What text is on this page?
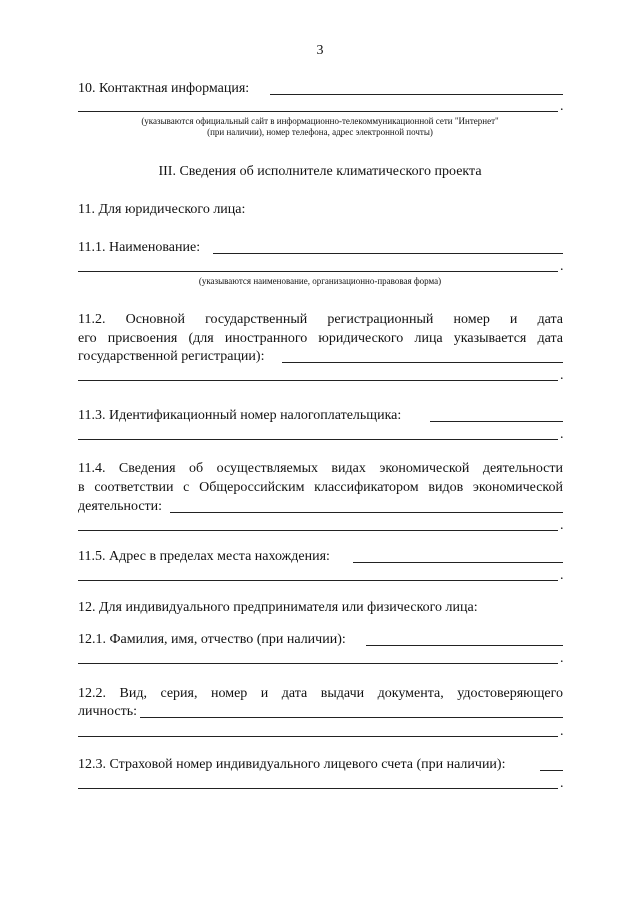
3
10. Контактная информация:
.
(указываются официальный сайт в информационно-телекоммуникационной сети "Интернет"
(при наличии), номер телефона, адрес электронной почты)
III. Сведения об исполнителе климатического проекта
11. Для юридического лица:
11.1. Наименование:
.
(указываются наименование, организационно-правовая форма)
11.2. Основной государственный регистрационный номер и дата
его присвоения (для иностранного юридического лица указывается дата
государственной регистрации):
.
11.3. Идентификационный номер налогоплательщика:
.
11.4. Сведения об осуществляемых видах экономической деятельности
в соответствии с Общероссийским классификатором видов экономической
деятельности:
.
11.5. Адрес в пределах места нахождения:
.
12. Для индивидуального предпринимателя или физического лица:
12.1. Фамилия, имя, отчество (при наличии):
.
12.2. Вид, серия, номер и дата выдачи документа, удостоверяющего
личность:
.
12.3. Страховой номер индивидуального лицевого счета (при наличии):
.
